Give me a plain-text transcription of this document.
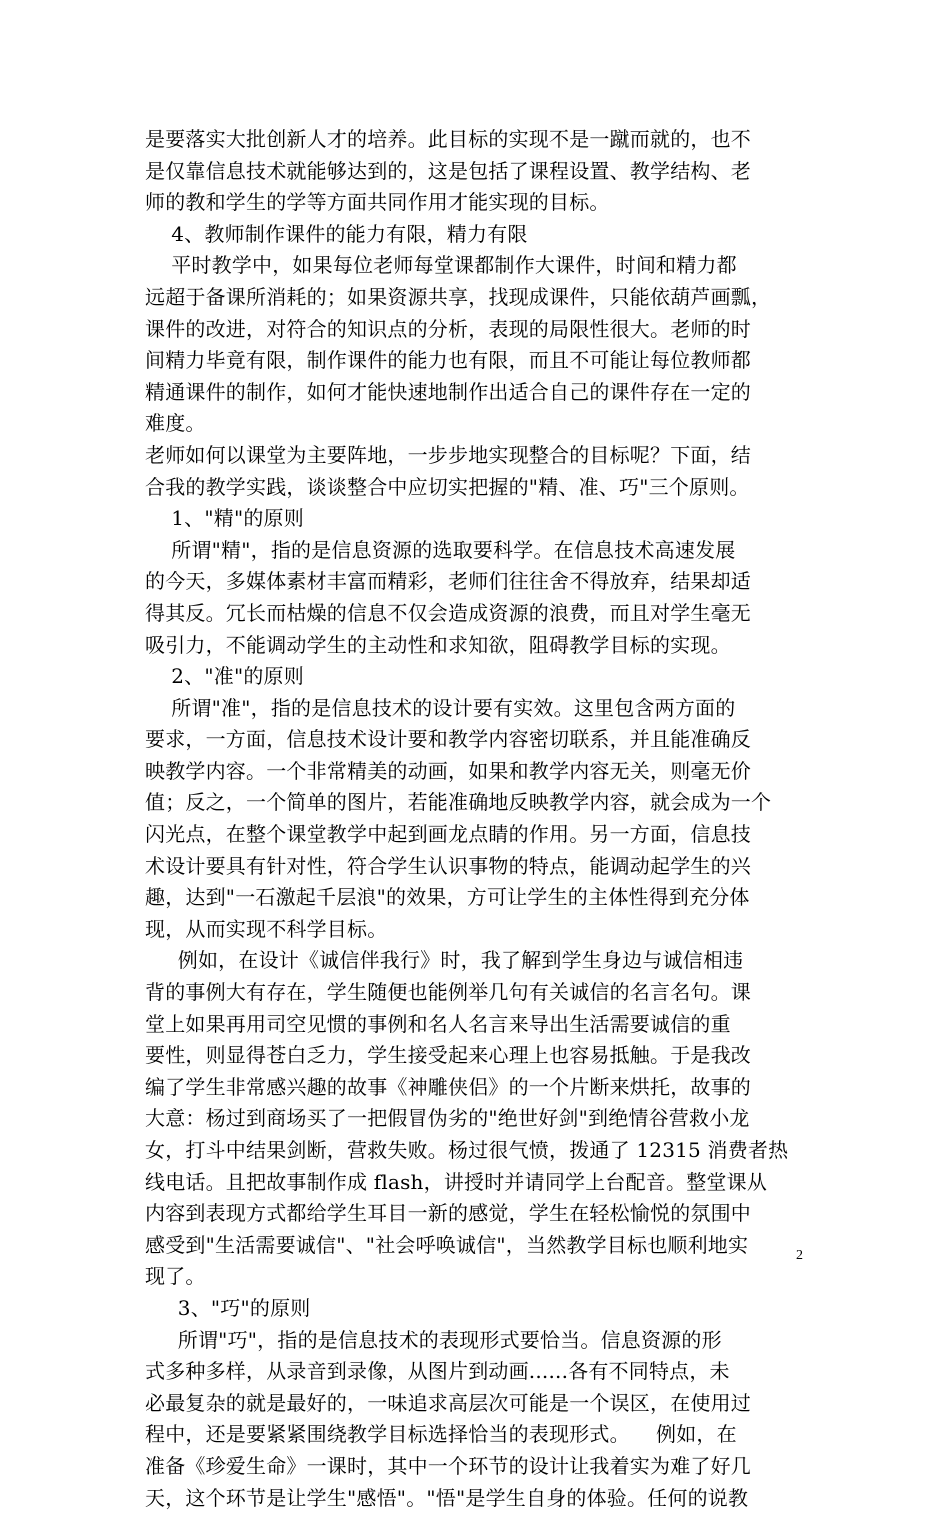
是要落实大批创新人才的培养。此目标的实现不是一蹴而就的，也不
是仅靠信息技术就能够达到的，这是包括了课程设置、教学结构、老
师的教和学生的学等方面共同作用才能实现的目标。
4、教师制作课件的能力有限，精力有限
平时教学中，如果每位老师每堂课都制作大课件，时间和精力都
远超于备课所消耗的；如果资源共享，找现成课件，只能依葫芦画瓢，
课件的改进，对符合的知识点的分析，表现的局限性很大。老师的时
间精力毕竟有限，制作课件的能力也有限，而且不可能让每位教师都
精通课件的制作，如何才能快速地制作出适合自己的课件存在一定的
难度。
老师如何以课堂为主要阵地，一步步地实现整合的目标呢？下面，结
合我的教学实践，谈谈整合中应切实把握的"精、准、巧"三个原则。
1、"精"的原则
所谓"精"，指的是信息资源的选取要科学。在信息技术高速发展
的今天，多媒体素材丰富而精彩，老师们往往舍不得放弃，结果却适
得其反。冗长而枯燥的信息不仅会造成资源的浪费，而且对学生毫无
吸引力，不能调动学生的主动性和求知欲，阻碍教学目标的实现。
2、"准"的原则
所谓"准"，指的是信息技术的设计要有实效。这里包含两方面的
要求，一方面，信息技术设计要和教学内容密切联系，并且能准确反
映教学内容。一个非常精美的动画，如果和教学内容无关，则毫无价
值；反之，一个简单的图片，若能准确地反映教学内容，就会成为一个
闪光点，在整个课堂教学中起到画龙点睛的作用。另一方面，信息技
术设计要具有针对性，符合学生认识事物的特点，能调动起学生的兴
趣，达到"一石激起千层浪"的效果，方可让学生的主体性得到充分体
现，从而实现不科学目标。
例如，在设计《诚信伴我行》时，我了解到学生身边与诚信相违
背的事例大有存在，学生随便也能例举几句有关诚信的名言名句。课
堂上如果再用司空见惯的事例和名人名言来导出生活需要诚信的重
要性，则显得苍白乏力，学生接受起来心理上也容易抵触。于是我改
编了学生非常感兴趣的故事《神雕侠侣》的一个片断来烘托，故事的
大意：杨过到商场买了一把假冒伪劣的"绝世好剑"到绝情谷营救小龙
女，打斗中结果剑断，营救失败。杨过很气愤，拨通了 12315 消费者热
线电话。且把故事制作成 flash，讲授时并请同学上台配音。整堂课从
内容到表现方式都给学生耳目一新的感觉，学生在轻松愉悦的氛围中
感受到"生活需要诚信"、"社会呼唤诚信"，当然教学目标也顺利地实
现了。
3、"巧"的原则
所谓"巧"，指的是信息技术的表现形式要恰当。信息资源的形
式多种多样，从录音到录像，从图片到动画......各有不同特点，未
必最复杂的就是最好的，一味追求高层次可能是一个误区，在使用过
程中，还是要紧紧围绕教学目标选择恰当的表现形式。    例如，在
准备《珍爱生命》一课时，其中一个环节的设计让我着实为难了好几
天，这个环节是让学生"感悟"。"悟"是学生自身的体验。任何的说教
2
